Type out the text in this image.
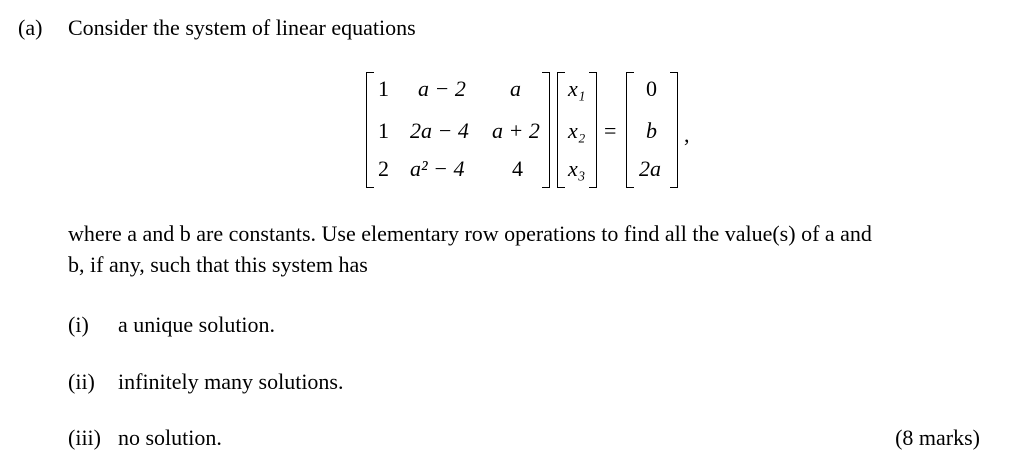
(a) Consider the system of linear equations
1 a − 2 a
1 2a − 4 a + 2
2 a² − 4 4
x₁
x₂
x₃
=
0
b
2a
,
where a and b are constants. Use elementary row operations to find all the value(s) of a and
b, if any, such that this system has
(i) a unique solution.
(ii) infinitely many solutions.
(iii) no solution.	(8 marks)
